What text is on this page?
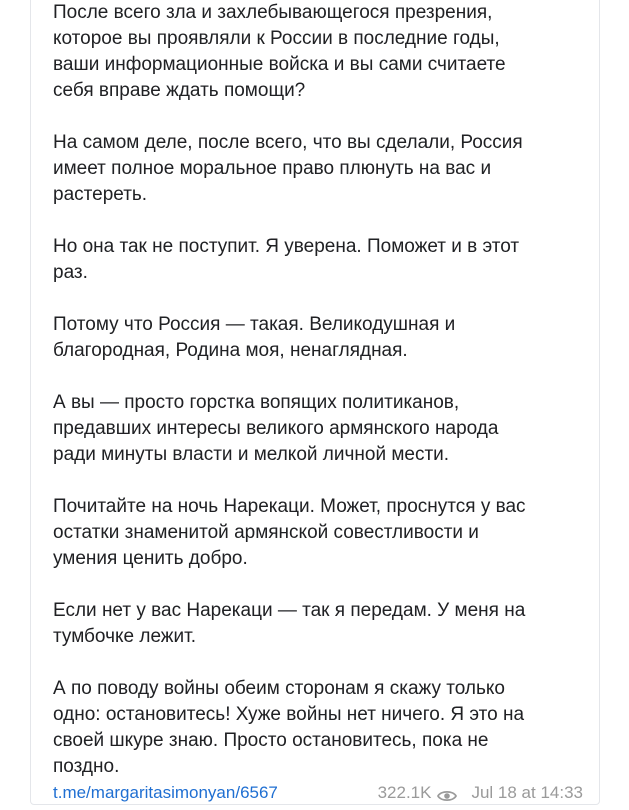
После всего зла и захлебывающегося презрения,
которое вы проявляли к России в последние годы,
ваши информационные войска и вы сами считаете
себя вправе ждать помощи?

На самом деле, после всего, что вы сделали, Россия
имеет полное моральное право плюнуть на вас и
растереть.

Но она так не поступит. Я уверена. Поможет и в этот
раз.

Потому что Россия — такая. Великодушная и
благородная, Родина моя, ненаглядная.

А вы — просто горстка вопящих политиканов,
предавших интересы великого армянского народа
ради минуты власти и мелкой личной мести.

Почитайте на ночь Нарекаци. Может, проснутся у вас
остатки знаменитой армянской совестливости и
умения ценить добро.

Если нет у вас Нарекаци — так я передам. У меня на
тумбочке лежит.

А по поводу войны обеим сторонам я скажу только
одно: остановитесь! Хуже войны нет ничего. Я это на
своей шкуре знаю. Просто остановитесь, пока не
поздно.

t.me/margaritasimonyan/6567	322.1K Jul 18 at 14:33
